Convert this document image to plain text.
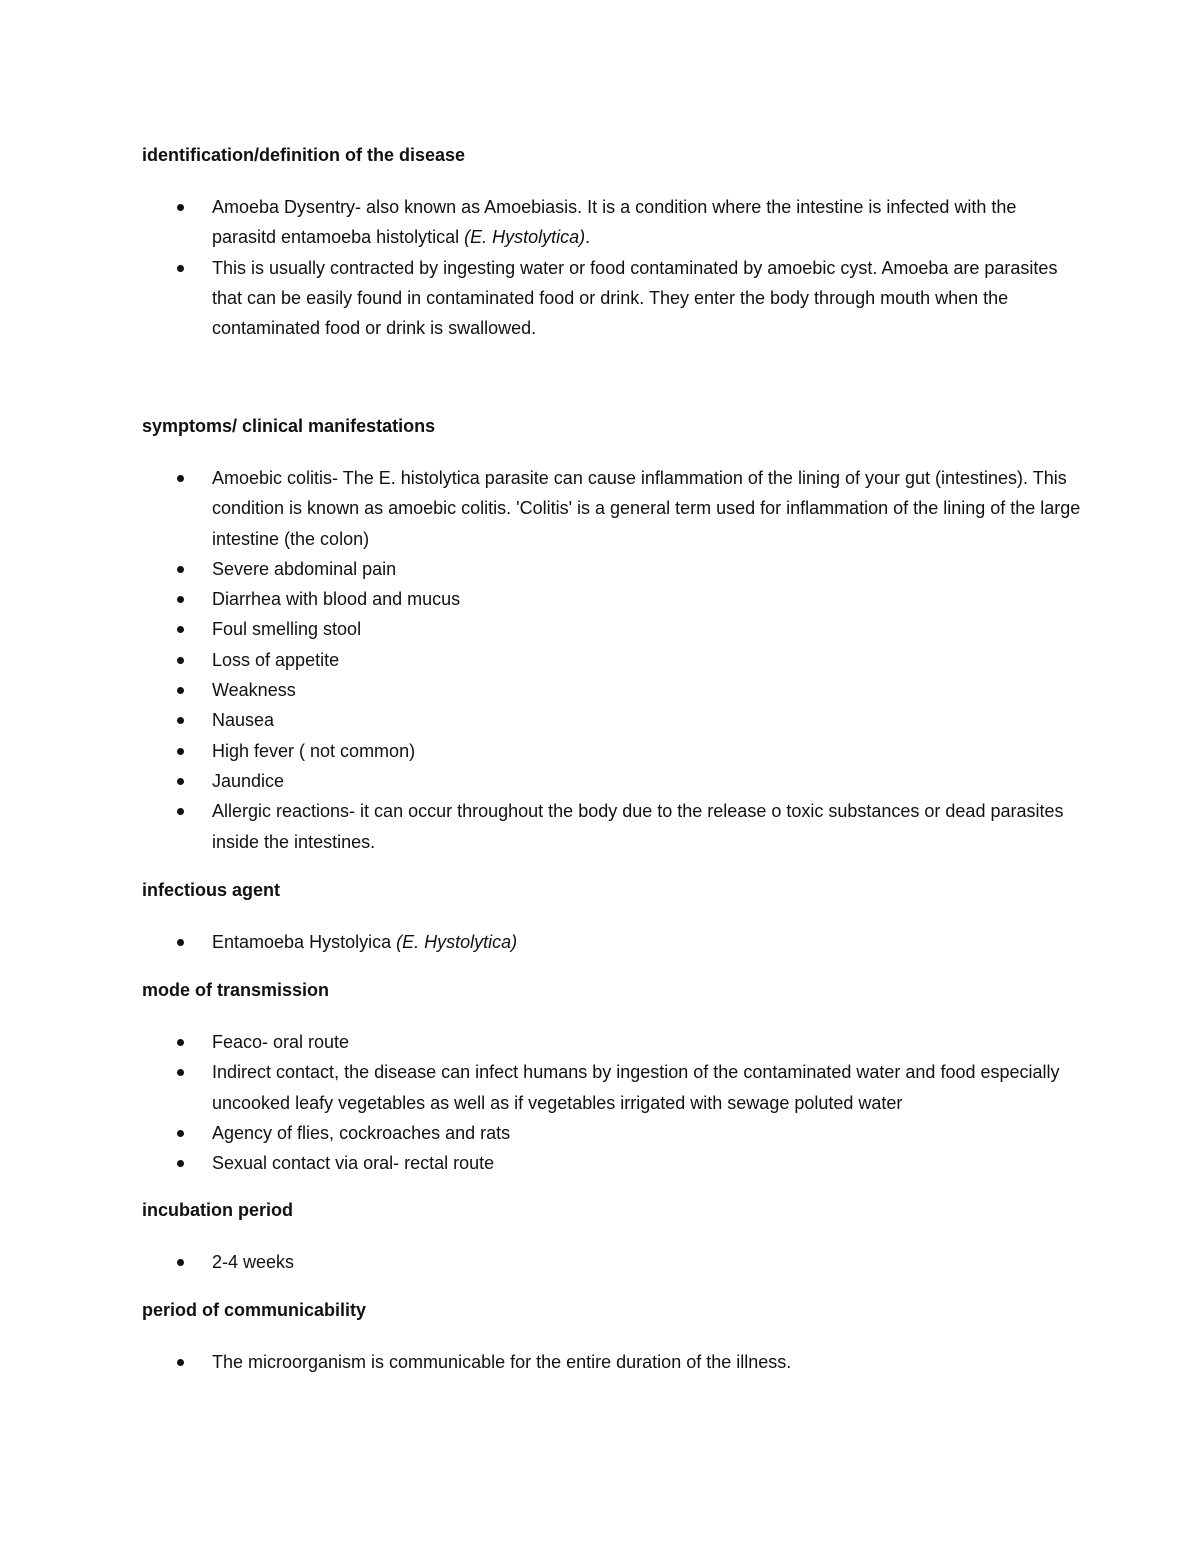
identification/definition of the disease
Amoeba Dysentry- also known as Amoebiasis. It is a condition where the intestine is infected with the parasitd entamoeba histolytical (E. Hystolytica).
This is usually contracted by ingesting water or food contaminated by amoebic cyst. Amoeba are parasites that can be easily found in contaminated food or drink. They enter the body through mouth when the contaminated food or drink is swallowed.
symptoms/ clinical manifestations
Amoebic colitis- The E. histolytica parasite can cause inflammation of the lining of your gut (intestines). This condition is known as amoebic colitis. 'Colitis' is a general term used for inflammation of the lining of the large intestine (the colon)
Severe abdominal pain
Diarrhea with blood and mucus
Foul smelling stool
Loss of appetite
Weakness
Nausea
High fever ( not common)
Jaundice
Allergic reactions- it can occur throughout the body due to the release o toxic substances or dead parasites inside the intestines.
infectious agent
Entamoeba Hystolyica (E. Hystolytica)
mode of transmission
Feaco- oral route
Indirect contact, the disease can infect humans by ingestion of the contaminated water and food especially uncooked leafy vegetables as well as if vegetables irrigated with sewage poluted water
Agency of flies, cockroaches and rats
Sexual contact via oral- rectal route
incubation period
2-4 weeks
period of communicability
The microorganism is communicable for the entire duration of the illness.
